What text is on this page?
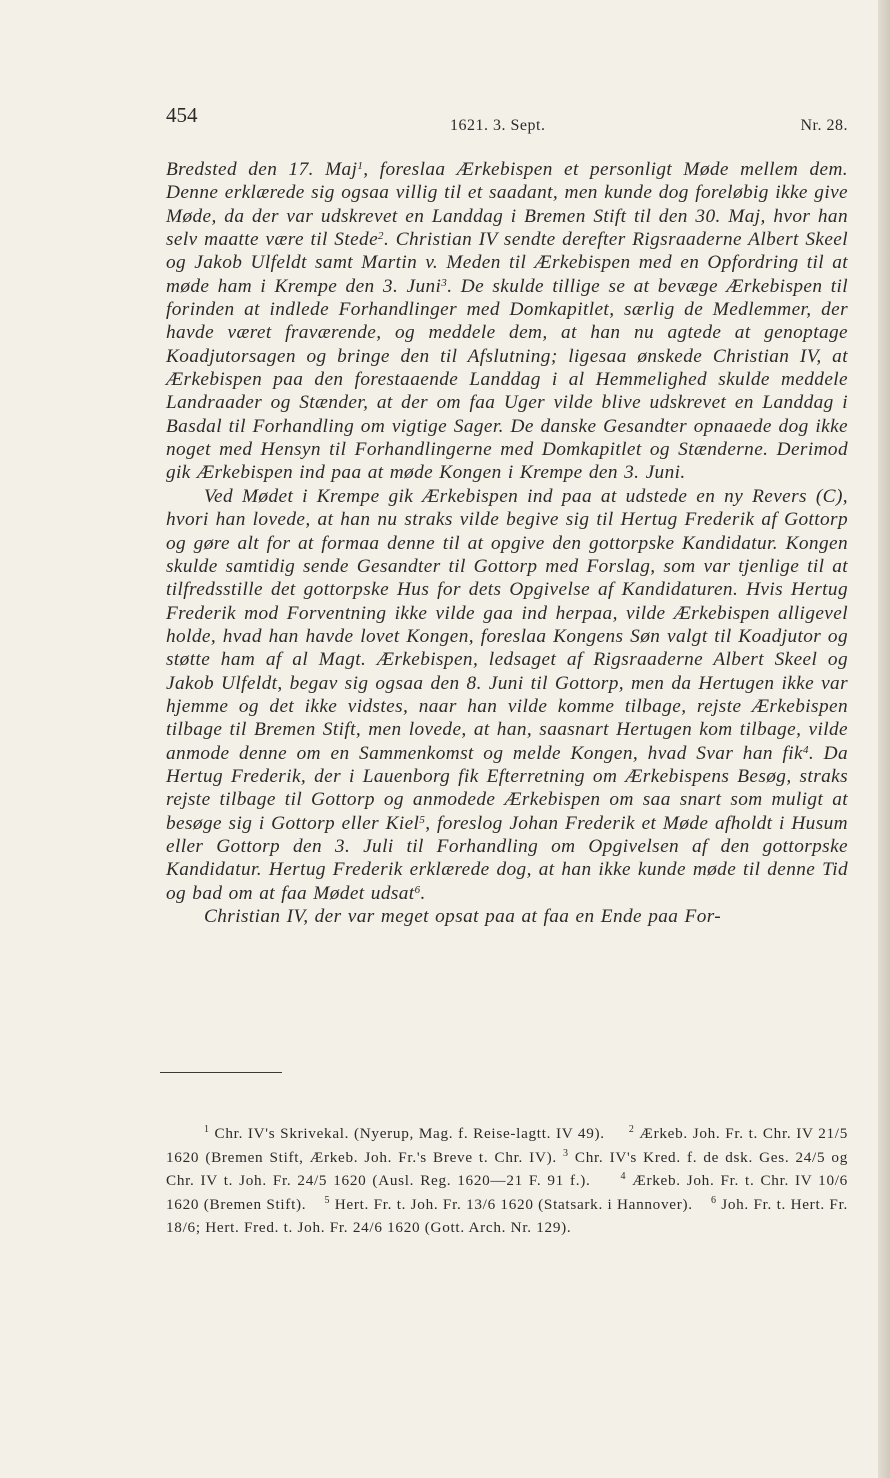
454	1621. 3. Sept.	Nr. 28.

Bredsted den 17. Maj$^1$, foreslaa Ærkebispen et personligt Møde mellem dem. Denne erklærede sig ogsaa villig til et saadant, men kunde dog foreløbig ikke give Møde, da der var udskrevet en Landdag i Bremen Stift til den 30. Maj, hvor han selv maatte være til Stede$^2$. Christian IV sendte derefter Rigsraaderne Albert Skeel og Jakob Ulfeldt samt Martin v. Meden til Ærkebispen med en Opfordring til at møde ham i Krempe den 3. Juni$^3$. De skulde tillige se at bevæge Ærkebispen til forinden at indlede Forhandlinger med Domkapitlet, særlig de Medlemmer, der havde været fraværende, og meddele dem, at han nu agtede at genoptage Koadjutorsagen og bringe den til Afslutning; ligesaa ønskede Christian IV, at Ærkebispen paa den forestaaende Landdag i al Hemmelighed skulde meddele Landraader og Stænder, at der om faa Uger vilde blive udskrevet en Landdag i Basdal til Forhandling om vigtige Sager. De danske Gesandter opnaaede dog ikke noget med Hensyn til Forhandlingerne med Domkapitlet og Stænderne. Derimod gik Ærkebispen ind paa at møde Kongen i Krempe den 3. Juni.

Ved Mødet i Krempe gik Ærkebispen ind paa at udstede en ny Revers (C), hvori han lovede, at han nu straks vilde begive sig til Hertug Frederik af Gottorp og gøre alt for at formaa denne til at opgive den gottorpske Kandidatur. Kongen skulde samtidig sende Gesandter til Gottorp med Forslag, som var tjenlige til at tilfredsstille det gottorpske Hus for dets Opgivelse af Kandidaturen. Hvis Hertug Frederik mod Forventning ikke vilde gaa ind herpaa, vilde Ærkebispen alligevel holde, hvad han havde lovet Kongen, foreslaa Kongens Søn valgt til Koadjutor og støtte ham af al Magt. Ærkebispen, ledsaget af Rigsraaderne Albert Skeel og Jakob Ulfeldt, begav sig ogsaa den 8. Juni til Gottorp, men da Hertugen ikke var hjemme og det ikke vidstes, naar han vilde komme tilbage, rejste Ærkebispen tilbage til Bremen Stift, men lovede, at han, saasnart Hertugen kom tilbage, vilde anmode denne om en Sammenkomst og melde Kongen, hvad Svar han fik$^4$. Da Hertug Frederik, der i Lauenborg fik Efterretning om Ærkebispens Besøg, straks rejste tilbage til Gottorp og anmodede Ærkebispen om saa snart som muligt at besøge sig i Gottorp eller Kiel$^5$, foreslog Johan Frederik et Møde afholdt i Husum eller Gottorp den 3. Juli til Forhandling om Opgivelsen af den gottorpske Kandidatur. Hertug Frederik erklærede dog, at han ikke kunde møde til denne Tid og bad om at faa Mødet udsat$^6$.

Christian IV, der var meget opsat paa at faa en Ende paa For-

$^1$ Chr. IV's Skrivekal. (Nyerup, Mag. f. Reise-lagtt. IV 49). $^2$ Ærkeb. Joh. Fr. t. Chr. IV 21/5 1620 (Bremen Stift, Ærkeb. Joh. Fr.'s Breve t. Chr. IV). $^3$ Chr. IV's Kred. f. de dsk. Ges. 24/5 og Chr. IV t. Joh. Fr. 24/5 1620 (Ausl. Reg. 1620—21 F. 91 f.).	$^4$ Ærkeb. Joh. Fr. t. Chr. IV 10/6 1620 (Bremen Stift). $^5$ Hert. Fr. t. Joh. Fr. 13/6 1620 (Statsark. i Hannover). $^6$ Joh. Fr. t. Hert. Fr. 18/6; Hert. Fred. t. Joh. Fr. 24/6 1620 (Gott. Arch. Nr. 129).
